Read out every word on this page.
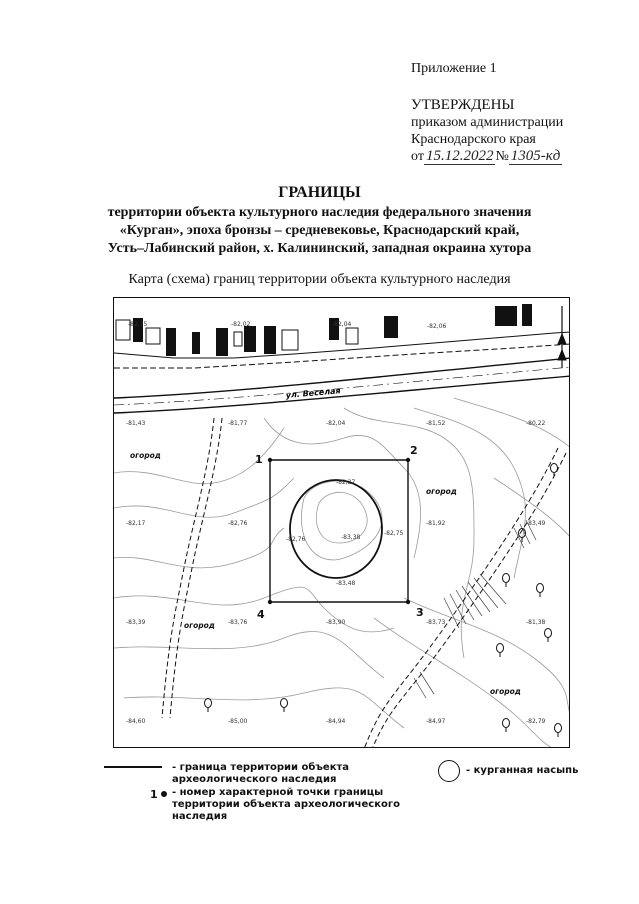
Приложение 1
УТВЕРЖДЕНЫ
приказом администрации
Краснодарского края
от 15.12.2022 № 1305-кд
ГРАНИЦЫ
территории объекта культурного наследия федерального значения
«Курган», эпоха бронзы – средневековье, Краснодарский край,
Усть–Лабинский район, х. Калининский, западная окраина хутора
Карта (схема) границ территории объекта культурного наследия
ул. Веселая
1
2
3
4
огород
огород
огород
огород
-82,75	-82,02	-82,06
-82,04
-81,43	-81,77	-82,04	-81,52	-80,22
-82,27
-83,38
-82,76
-82,75
-83,48
-82,76	-81,92	-83,49
-82,17
-83,39	-83,76	-83,90	-83,73	-81,38
-84,60	-85,00	-84,94	-84,97	-82,79
- граница территории объекта археологического наследия
- курганная насыпь
1 - номер характерной точки границы территории объекта археологического наследия
